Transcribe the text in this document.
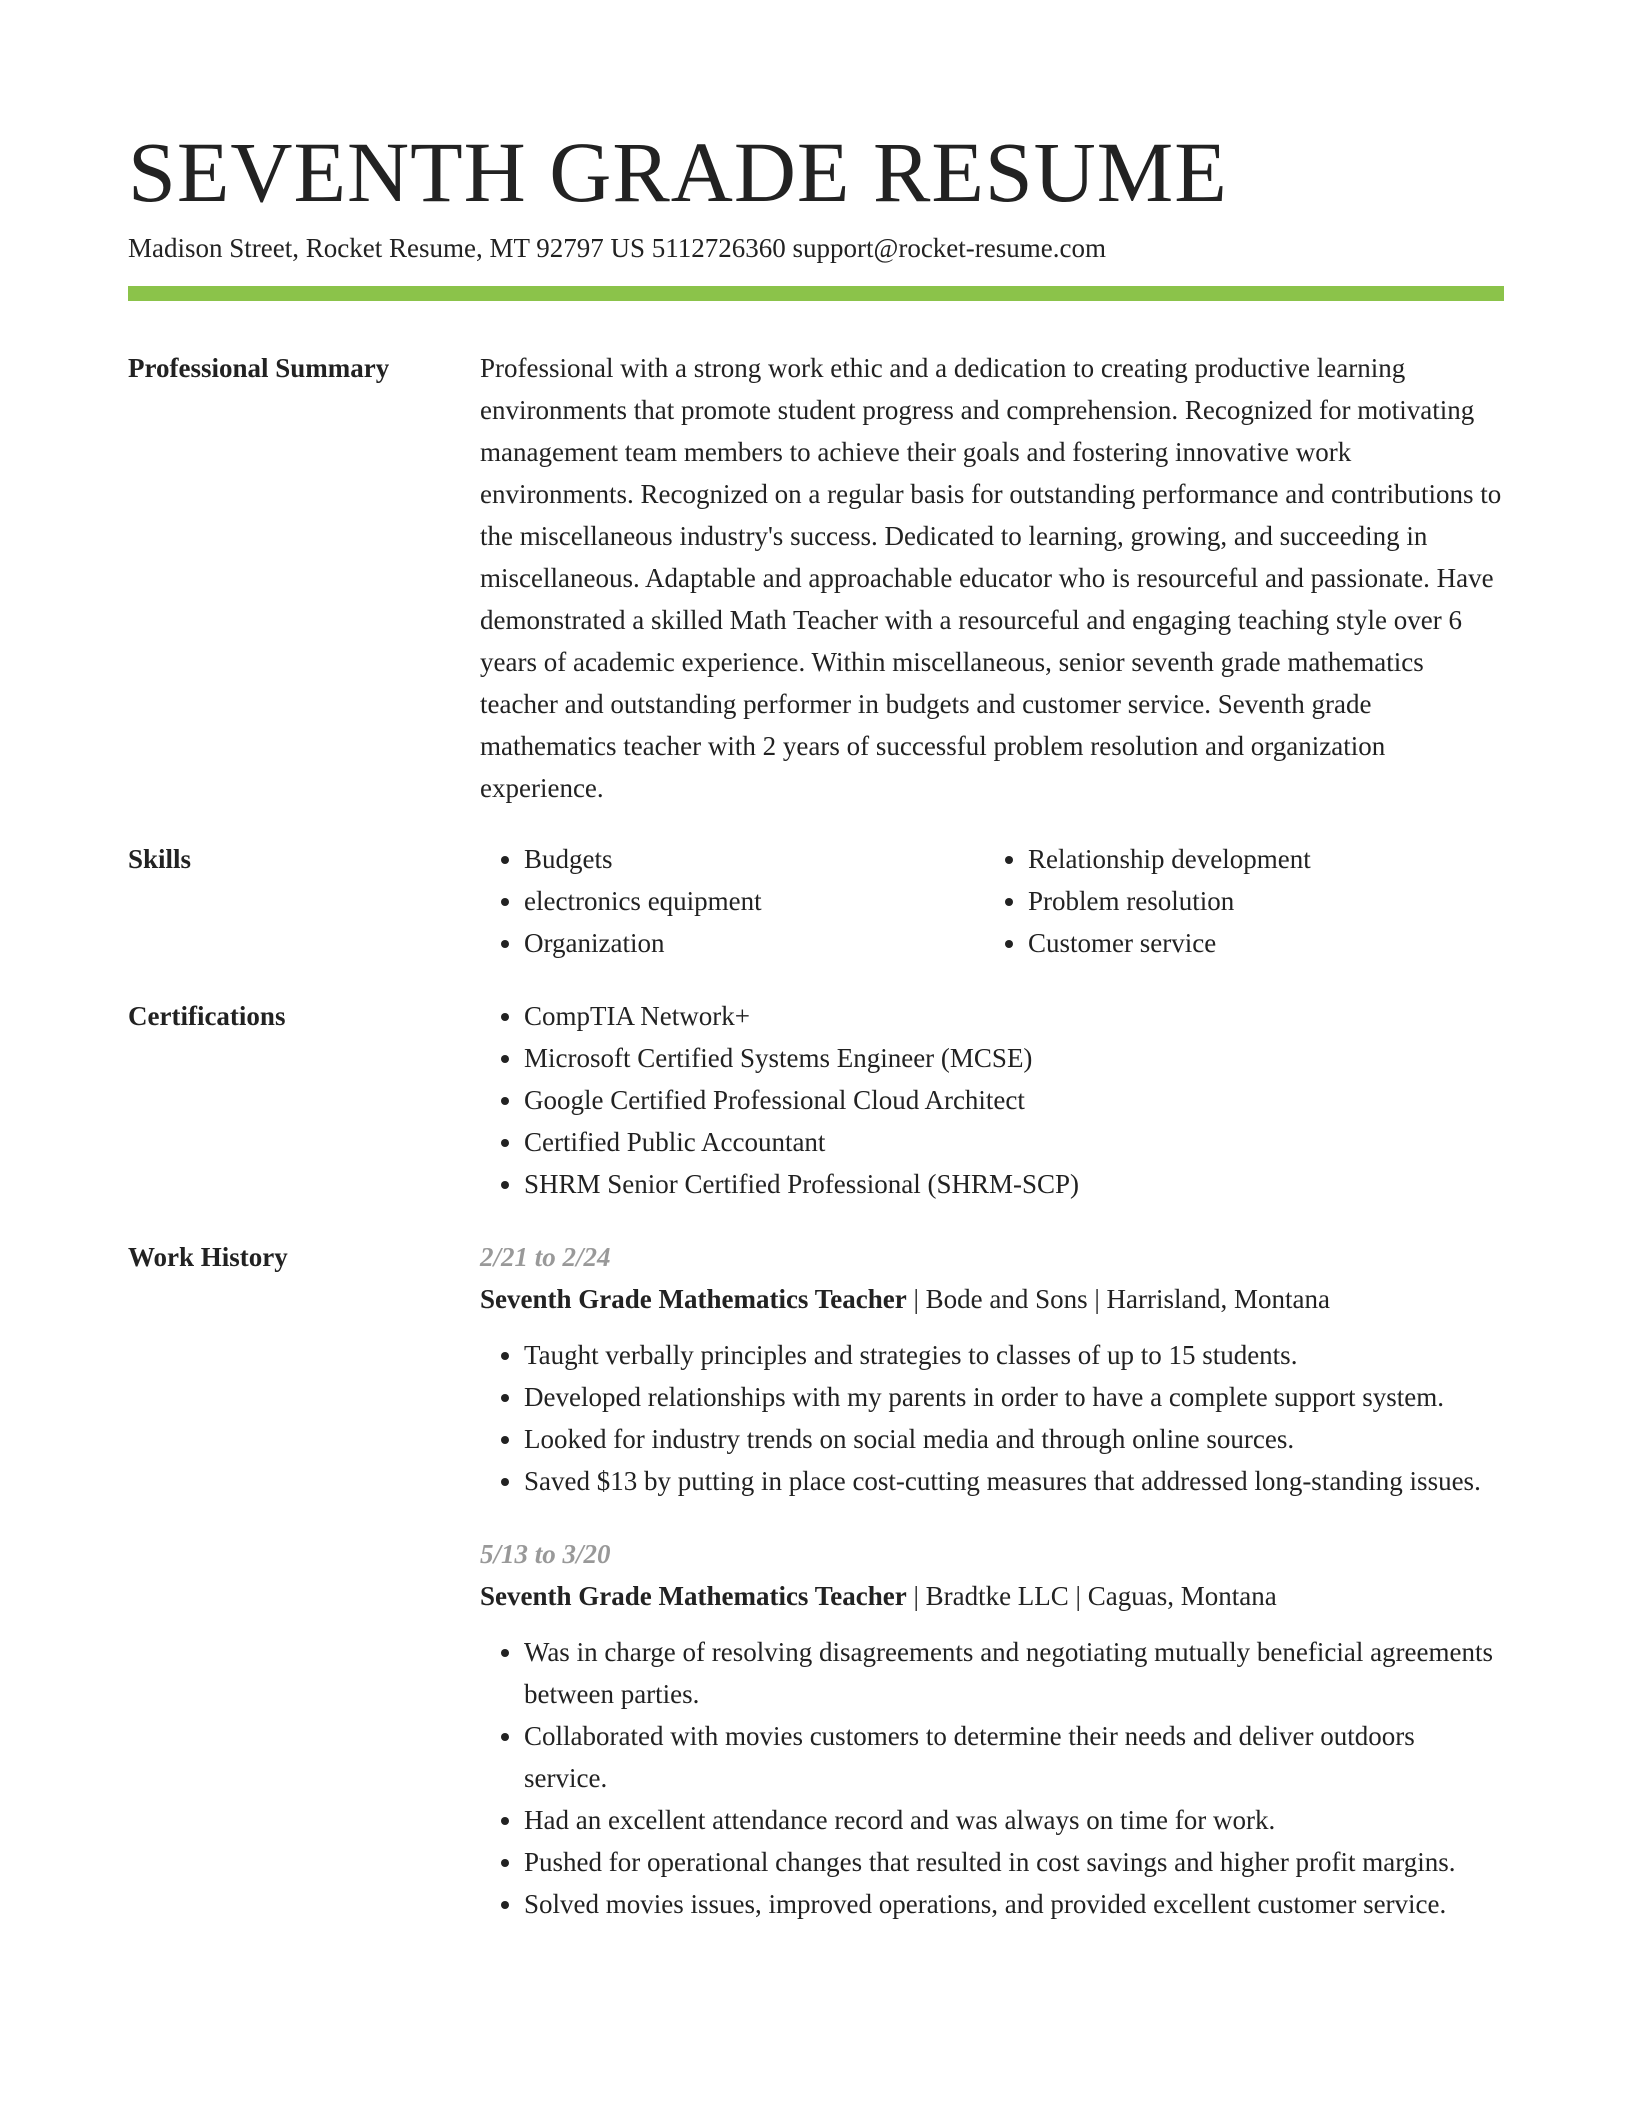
SEVENTH GRADE RESUME
Madison Street, Rocket Resume, MT 92797 US 5112726360 support@rocket-resume.com
Professional Summary	Professional with a strong work ethic and a dedication to creating productive learning environments that promote student progress and comprehension. Recognized for motivating management team members to achieve their goals and fostering innovative work environments. Recognized on a regular basis for outstanding performance and contributions to the miscellaneous industry's success. Dedicated to learning, growing, and succeeding in miscellaneous. Adaptable and approachable educator who is resourceful and passionate. Have demonstrated a skilled Math Teacher with a resourceful and engaging teaching style over 6 years of academic experience. Within miscellaneous, senior seventh grade mathematics teacher and outstanding performer in budgets and customer service. Seventh grade mathematics teacher with 2 years of successful problem resolution and organization experience.

Skills	• Budgets
• electronics equipment
• Organization
• Relationship development
• Problem resolution
• Customer service
Certifications	• CompTIA Network+
• Microsoft Certified Systems Engineer (MCSE)
• Google Certified Professional Cloud Architect
• Certified Public Accountant
• SHRM Senior Certified Professional (SHRM-SCP)
Work History	2/21 to 2/24
Seventh Grade Mathematics Teacher | Bode and Sons | Harrisland, Montana
• Taught verbally principles and strategies to classes of up to 15 students.
• Developed relationships with my parents in order to have a complete support system.
• Looked for industry trends on social media and through online sources.
• Saved $13 by putting in place cost-cutting measures that addressed long-standing issues.
5/13 to 3/20
Seventh Grade Mathematics Teacher | Bradtke LLC | Caguas, Montana
• Was in charge of resolving disagreements and negotiating mutually beneficial agreements between parties.
• Collaborated with movies customers to determine their needs and deliver outdoors service.
• Had an excellent attendance record and was always on time for work.
• Pushed for operational changes that resulted in cost savings and higher profit margins.
• Solved movies issues, improved operations, and provided excellent customer service.
